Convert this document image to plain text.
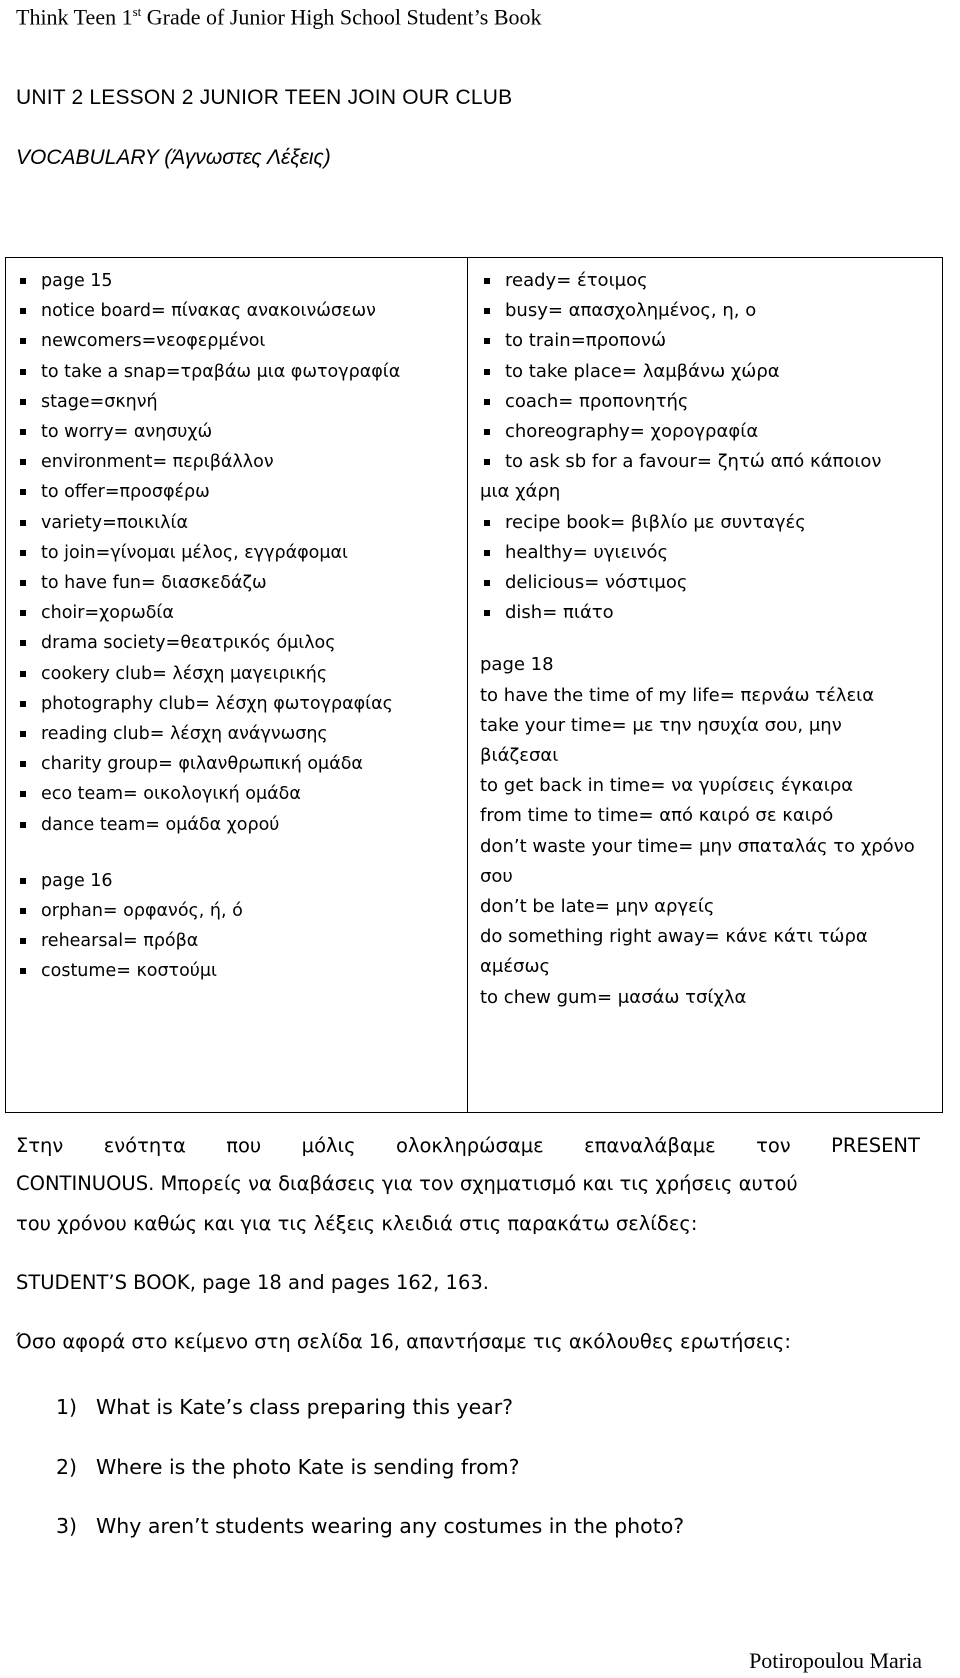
Think Teen 1st Grade of Junior High School Student’s Book
UNIT 2 LESSON 2 JUNIOR TEEN JOIN OUR CLUB
VOCABULARY (Άγνωστες Λέξεις)
page 15
notice board= πίνακας ανακοινώσεων
newcomers=νεοφερμένοι
to take a snap=τραβάω μια φωτογραφία
stage=σκηνή
to worry= ανησυχώ
environment= περιβάλλον
to offer=προσφέρω
variety=ποικιλία
to join=γίνομαι μέλος, εγγράφομαι
to have fun= διασκεδάζω
choir=χορωδία
drama society=θεατρικός όμιλος
cookery club= λέσχη μαγειρικής
photography club= λέσχη φωτογραφίας
reading club= λέσχη ανάγνωσης
charity group= φιλανθρωπική ομάδα
eco team= οικολογική ομάδα
dance team= ομάδα χορού
page 16
orphan= ορφανός, ή, ό
rehearsal= πρόβα
costume= κοστούμι
ready= έτοιμος
busy= απασχολημένος, η, ο
to train=προπονώ
to take place= λαμβάνω χώρα
coach= προπονητής
choreography= χορογραφία
to ask sb for a favour= ζητώ από κάποιον
μια χάρη
recipe book= βιβλίο με συνταγές
healthy= υγιεινός
delicious= νόστιμος
dish= πιάτο
page 18
to have the time of my life= περνάω τέλεια
take your time= με την ησυχία σου, μην
βιάζεσαι
to get back in time= να γυρίσεις έγκαιρα
from time to time= από καιρό σε καιρό
don’t waste your time= μην σπαταλάς το χρόνο
σου
don’t be late= μην αργείς
do something right away= κάνε κάτι τώρα
αμέσως
to chew gum= μασάω τσίχλα
Στην ενότητα που μόλις ολοκληρώσαμε επαναλάβαμε τον PRESENT
CONTINUOUS. Μπορείς να διαβάσεις για τον σχηματισμό και τις χρήσεις αυτού
του χρόνου καθώς και για τις λέξεις κλειδιά στις παρακάτω σελίδες:
STUDENT’S BOOK, page 18 and pages 162, 163.
Όσο αφορά στο κείμενο στη σελίδα 16, απαντήσαμε τις ακόλουθες ερωτήσεις:
1) What is Kate’s class preparing this year?
2) Where is the photo Kate is sending from?
3) Why aren’t students wearing any costumes in the photo?
Potiropoulou Maria
